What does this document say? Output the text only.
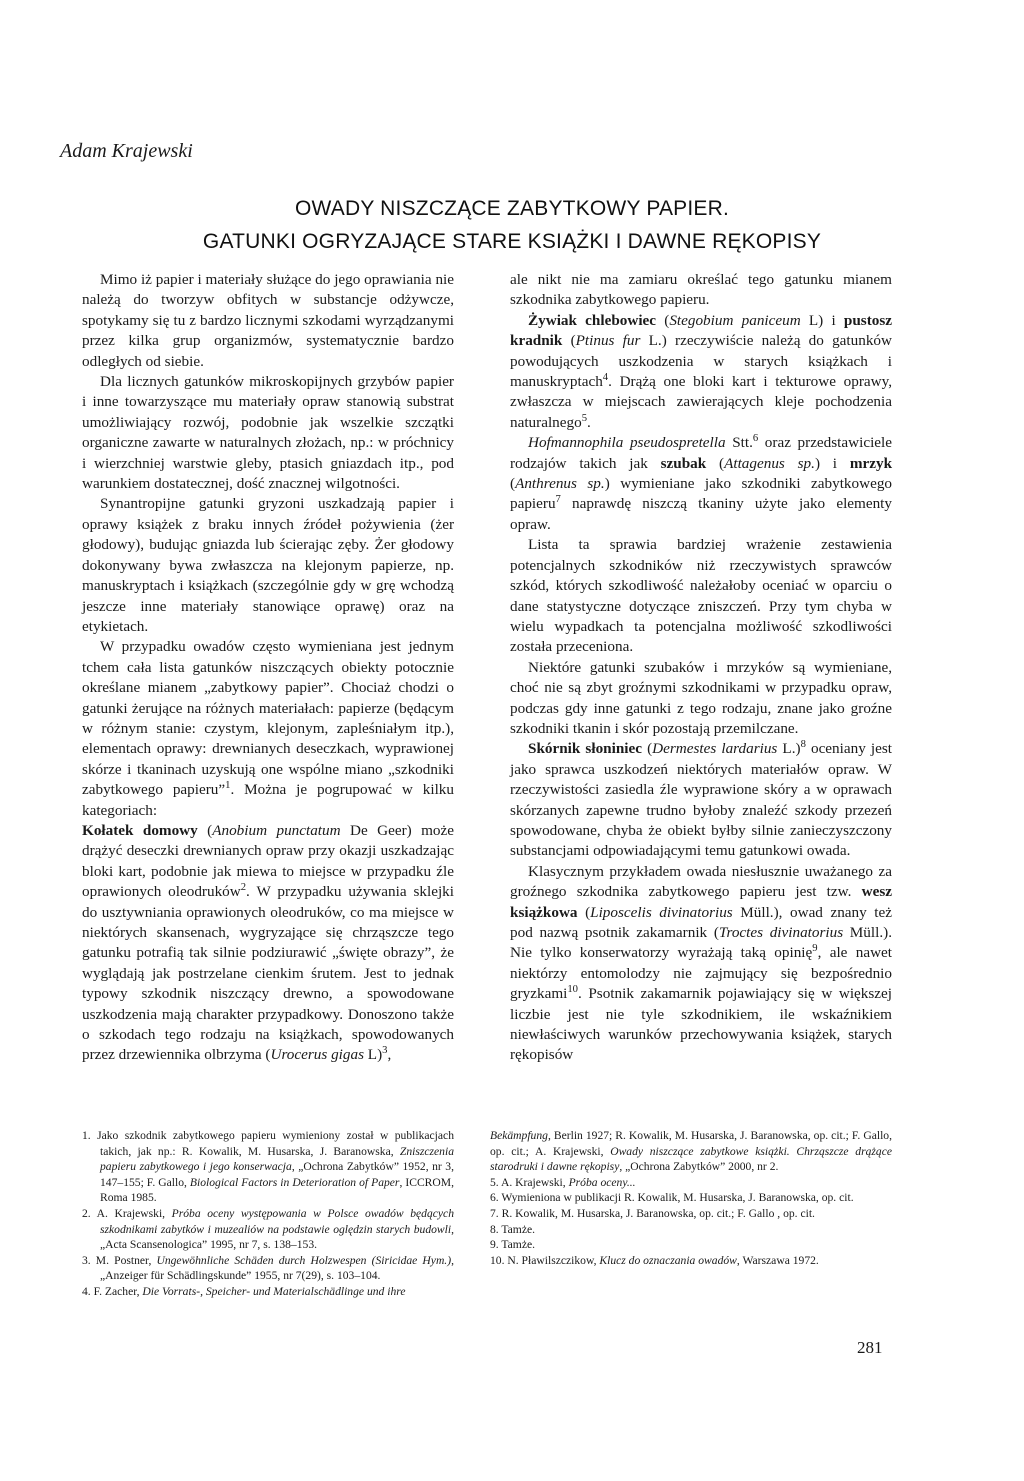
Adam Krajewski
OWADY NISZCZĄCE ZABYTKOWY PAPIER.
GATUNKI OGRYZAJĄCE STARE KSIĄŻKI I DAWNE RĘKOPISY

Mimo iż papier i materiały służące do jego oprawiania nie należą do tworzyw obfitych w substancje odżywcze, spotykamy się tu z bardzo licznymi szkodami wyrządzanymi przez kilka grup organizmów, systematycznie bardzo odległych od siebie.

Dla licznych gatunków mikroskopijnych grzybów papier i inne towarzyszące mu materiały opraw stanowią substrat umożliwiający rozwój, podobnie jak wszelkie szczątki organiczne zawarte w naturalnych złożach, np.: w próchnicy i wierzchniej warstwie gleby, ptasich gniazdach itp., pod warunkiem dostatecznej, dość znacznej wilgotności.

Synantropijne gatunki gryzoni uszkadzają papier i oprawy książek z braku innych źródeł pożywienia (żer głodowy), budując gniazda lub ścierając zęby. Żer głodowy dokonywany bywa zwłaszcza na klejonym papierze, np. manuskryptach i książkach (szczególnie gdy w grę wchodzą jeszcze inne materiały stanowiące oprawę) oraz na etykietach.

W przypadku owadów często wymieniana jest jednym tchem cała lista gatunków niszczących obiekty potocznie określane mianem „zabytkowy papier”. Chociaż chodzi o gatunki żerujące na różnych materiałach: papierze (będącym w różnym stanie: czystym, klejonym, zapleśniałym itp.), elementach oprawy: drewnianych deseczkach, wyprawionej skórze i tkaninach uzyskują one wspólne miano „szkodniki zabytkowego papieru”$^1$. Można je pogrupować w kilku kategoriach:

Kołatek domowy (Anobium punctatum De Geer) może drążyć deseczki drewnianych opraw przy okazji uszkadzając bloki kart, podobnie jak miewa to miejsce w przypadku źle oprawionych oleodruków$^2$. W przypadku używania sklejki do usztywniania oprawionych oleodruków, co ma miejsce w niektórych skansenach, wygryzające się chrząszcze tego gatunku potrafią tak silnie podziurawić „święte obrazy”, że wyglądają jak postrzelane cienkim śrutem. Jest to jednak typowy szkodnik niszczący drewno, a spowodowane uszkodzenia mają charakter przypadkowy. Donoszono także o szkodach tego rodzaju na książkach, spowodowanych przez drzewiennika olbrzyma (Urocerus gigas L)$^3$,

ale nikt nie ma zamiaru określać tego gatunku mianem szkodnika zabytkowego papieru.

Żywiak chlebowiec (Stegobium paniceum L) i pustosz kradnik (Ptinus fur L.) rzeczywiście należą do gatunków powodujących uszkodzenia w starych książkach i manuskryptach$^4$. Drążą one bloki kart i tekturowe oprawy, zwłaszcza w miejscach zawierających kleje pochodzenia naturalnego$^5$.

Hofmannophila pseudospretella Stt.$^6$ oraz przedstawiciele rodzajów takich jak szubak (Attagenus sp.) i mrzyk (Anthrenus sp.) wymieniane jako szkodniki zabytkowego papieru$^7$ naprawdę niszczą tkaniny użyte jako elementy opraw.

Lista ta sprawia bardziej wrażenie zestawienia potencjalnych szkodników niż rzeczywistych sprawców szkód, których szkodliwość należałoby oceniać w oparciu o dane statystyczne dotyczące zniszczeń. Przy tym chyba w wielu wypadkach ta potencjalna możliwość szkodliwości została przeceniona.

Niektóre gatunki szubaków i mrzyków są wymieniane, choć nie są zbyt groźnymi szkodnikami w przypadku opraw, podczas gdy inne gatunki z tego rodzaju, znane jako groźne szkodniki tkanin i skór pozostają przemilczane.

Skórnik słoniniec (Dermestes lardarius L.)$^8$ oceniany jest jako sprawca uszkodzeń niektórych materiałów opraw. W rzeczywistości zasiedla źle wyprawione skóry a w oprawach skórzanych zapewne trudno byłoby znaleźć szkody przezeń spowodowane, chyba że obiekt byłby silnie zanieczyszczony substancjami odpowiadającymi temu gatunkowi owada.

Klasycznym przykładem owada niesłusznie uważanego za groźnego szkodnika zabytkowego papieru jest tzw. wesz książkowa (Liposcelis divinatorius Müll.), owad znany też pod nazwą psotnik zakamarnik (Troctes divinatorius Müll.). Nie tylko konserwatorzy wyrażają taką opinię$^9$, ale nawet niektórzy entomolodzy nie zajmujący się bezpośrednio gryzkami$^{10}$. Psotnik zakamarnik pojawiający się w większej liczbie jest nie tyle szkodnikiem, ile wskaźnikiem niewłaściwych warunków przechowywania książek, starych rękopisów

1. Jako szkodnik zabytkowego papieru wymieniony został w publikacjach takich, jak np.: R. Kowalik, M. Husarska, J. Baranowska, Zniszczenia papieru zabytkowego i jego konserwacja, „Ochrona Zabytków” 1952, nr 3, 147–155; F. Gallo, Biological Factors in Deterioration of Paper, ICCROM, Roma 1985.

2. A. Krajewski, Próba oceny występowania w Polsce owadów będących szkodnikami zabytków i muzealiów na podstawie oględzin starych budowli, „Acta Scansenologica” 1995, nr 7, s. 138–153.

3. M. Postner, Ungewöhnliche Schäden durch Holzwespen (Siricidae Hym.), „Anzeiger für Schädlingskunde” 1955, nr 7(29), s. 103–104.

4. F. Zacher, Die Vorrats-, Speicher- und Materialschädlinge und ihre

Bekämpfung, Berlin 1927; R. Kowalik, M. Husarska, J. Baranowska, op. cit.; F. Gallo, op. cit.; A. Krajewski, Owady niszczące zabytkowe książki. Chrząszcze drążące starodruki i dawne rękopisy, „Ochrona Zabytków” 2000, nr 2.

5. A. Krajewski, Próba oceny...

6. Wymieniona w publikacji R. Kowalik, M. Husarska, J. Baranowska, op. cit.

7. R. Kowalik, M. Husarska, J. Baranowska, op. cit.; F. Gallo , op. cit.

8. Tamże.

9. Tamże.

10. N. Pławilszczikow, Klucz do oznaczania owadów, Warszawa 1972.

281
